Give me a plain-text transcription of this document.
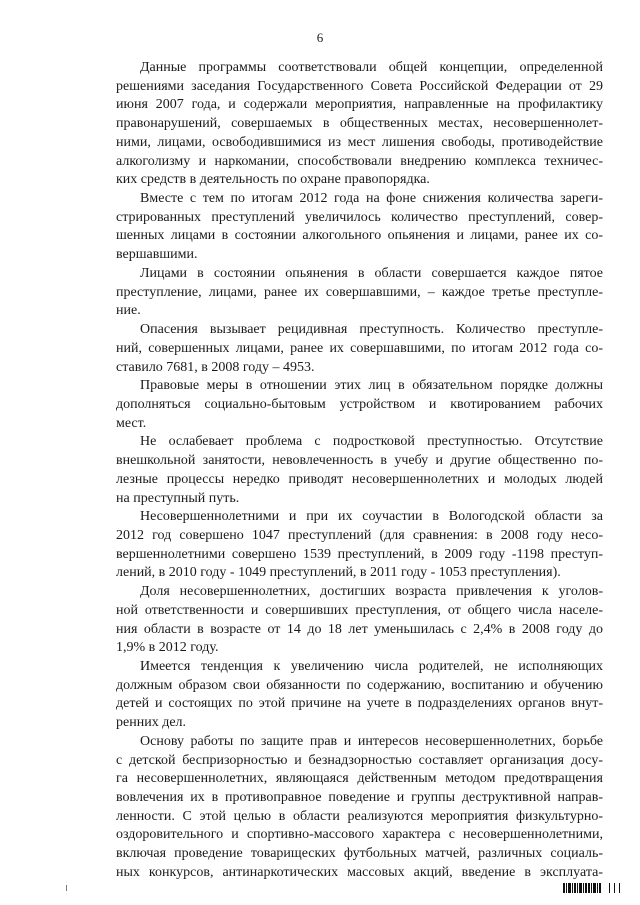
6
Данные программы соответствовали общей концепции, определенной
решениями заседания Государственного Совета Российской Федерации от 29
июня 2007 года, и содержали мероприятия, направленные на профилактику
правонарушений, совершаемых в общественных местах, несовершеннолет-
ними, лицами, освободившимися из мест лишения свободы, противодействие
алкоголизму и наркомании, способствовали внедрению комплекса техничес-
ких средств в деятельность по охране правопорядка.
Вместе с тем по итогам 2012 года на фоне снижения количества зареги-
стрированных преступлений увеличилось количество преступлений, совер-
шенных лицами в состоянии алкогольного опьянения и лицами, ранее их со-
вершавшими.
Лицами в состоянии опьянения в области совершается каждое пятое
преступление, лицами, ранее их совершавшими, – каждое третье преступле-
ние.
Опасения вызывает рецидивная преступность. Количество преступле-
ний, совершенных лицами, ранее их совершавшими, по итогам 2012 года со-
ставило 7681, в 2008 году – 4953.
Правовые меры в отношении этих лиц в обязательном порядке должны
дополняться социально-бытовым устройством и квотированием рабочих
мест.
Не ослабевает проблема с подростковой преступностью. Отсутствие
внешкольной занятости, невовлеченность в учебу и другие общественно по-
лезные процессы нередко приводят несовершеннолетних и молодых людей
на преступный путь.
Несовершеннолетними и при их соучастии в Вологодской области за
2012 год совершено 1047 преступлений (для сравнения: в 2008 году несо-
вершеннолетними совершено 1539 преступлений, в 2009 году -1198 преступ-
лений, в 2010 году - 1049 преступлений, в 2011 году - 1053 преступления).
Доля несовершеннолетних, достигших возраста привлечения к уголов-
ной ответственности и совершивших преступления, от общего числа населе-
ния области в возрасте от 14 до 18 лет уменьшилась с 2,4% в 2008 году до
1,9% в 2012 году.
Имеется тенденция к увеличению числа родителей, не исполняющих
должным образом свои обязанности по содержанию, воспитанию и обучению
детей и состоящих по этой причине на учете в подразделениях органов внут-
ренних дел.
Основу работы по защите прав и интересов несовершеннолетних, борьбе
с детской беспризорностью и безнадзорностью составляет организация досу-
га несовершеннолетних, являющаяся действенным методом предотвращения
вовлечения их в противоправное поведение и группы деструктивной направ-
ленности. С этой целью в области реализуются мероприятия физкультурно-
оздоровительного и спортивно-массового характера с несовершеннолетними,
включая проведение товарищеских футбольных матчей, различных социаль-
ных конкурсов, антинаркотических массовых акций, введение в эксплуата-
